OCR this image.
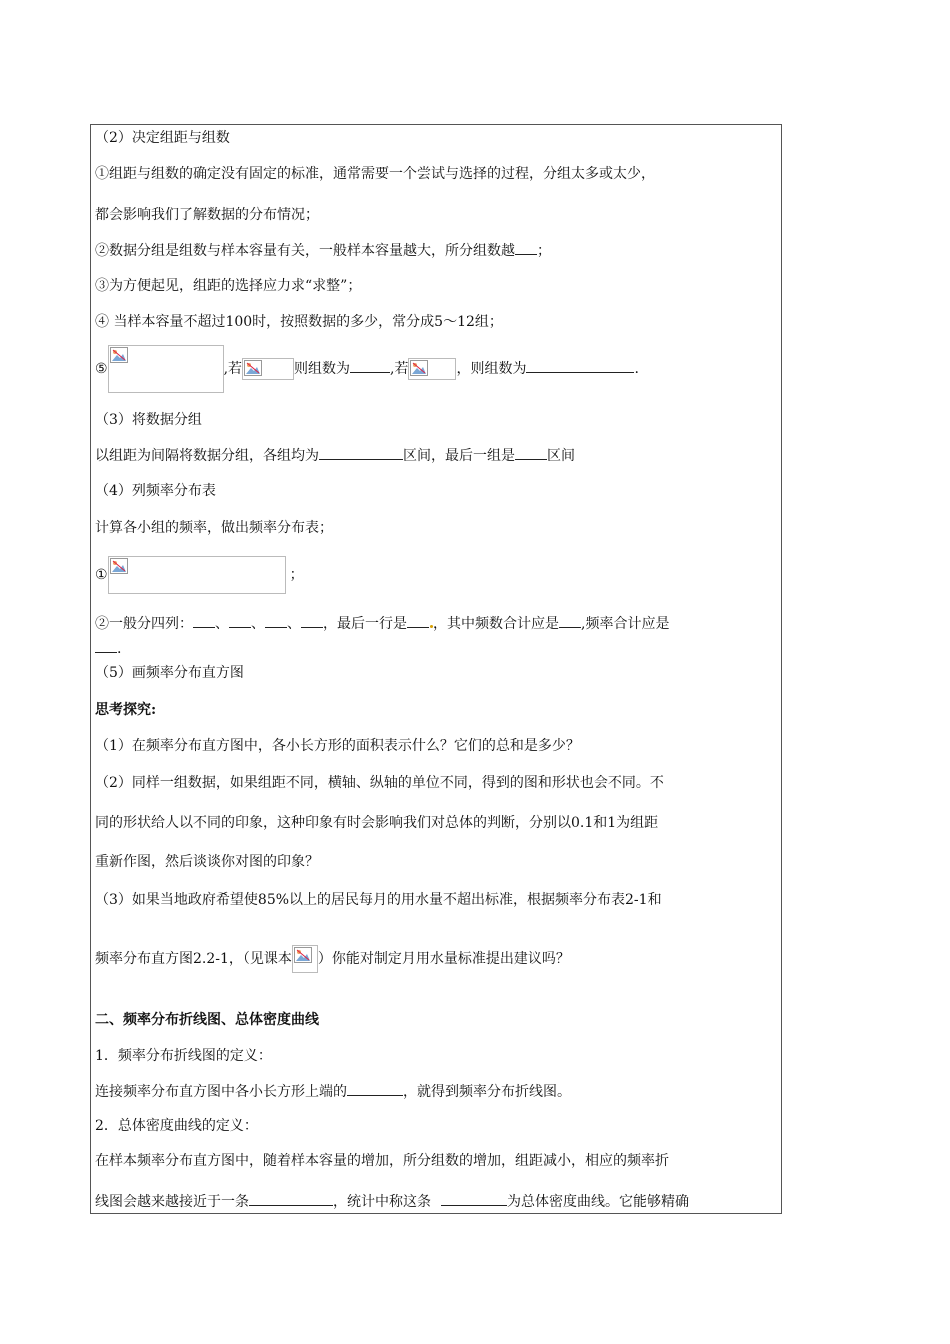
（2）决定组距与组数
①组距与组数的确定没有固定的标准，通常需要一个尝试与选择的过程，分组太多或太少，
都会影响我们了解数据的分布情况；
②数据分组是组数与样本容量有关，一般样本容量越大，所分组数越 ；
③为方便起见，组距的选择应力求“求整”；
④ 当样本容量不超过100时，按照数据的多少，常分成5～12组；
⑤	,若	则组数为	,若	，则组数为	.
（3）将数据分组
以组距为间隔将数据分组，各组均为	区间，最后一组是 区间
（4）列频率分布表
计算各小组的频率，做出频率分布表；
①	；
②一般分四列： 、 、 、 ，最后一行是 ，其中频数合计应是 ,频率合计应是
.
（5）画频率分布直方图
思考探究:
（1）在频率分布直方图中，各小长方形的面积表示什么？它们的总和是多少？
（2）同样一组数据，如果组距不同，横轴、纵轴的单位不同，得到的图和形状也会不同。不
同的形状给人以不同的印象，这种印象有时会影响我们对总体的判断，分别以0.1和1为组距
重新作图，然后谈谈你对图的印象？
（3）如果当地政府希望使85%以上的居民每月的用水量不超出标准，根据频率分布表2-1和
频率分布直方图2.2-1，（见课本 ）你能对制定月用水量标准提出建议吗？
二、频率分布折线图、总体密度曲线
1．频率分布折线图的定义：
连接频率分布直方图中各小长方形上端的	，就得到频率分布折线图。
2．总体密度曲线的定义：
在样本频率分布直方图中，随着样本容量的增加，所分组数的增加，组距减小，相应的频率折
线图会越来越接近于一条	，统计中称这条	为总体密度曲线。它能够精确
